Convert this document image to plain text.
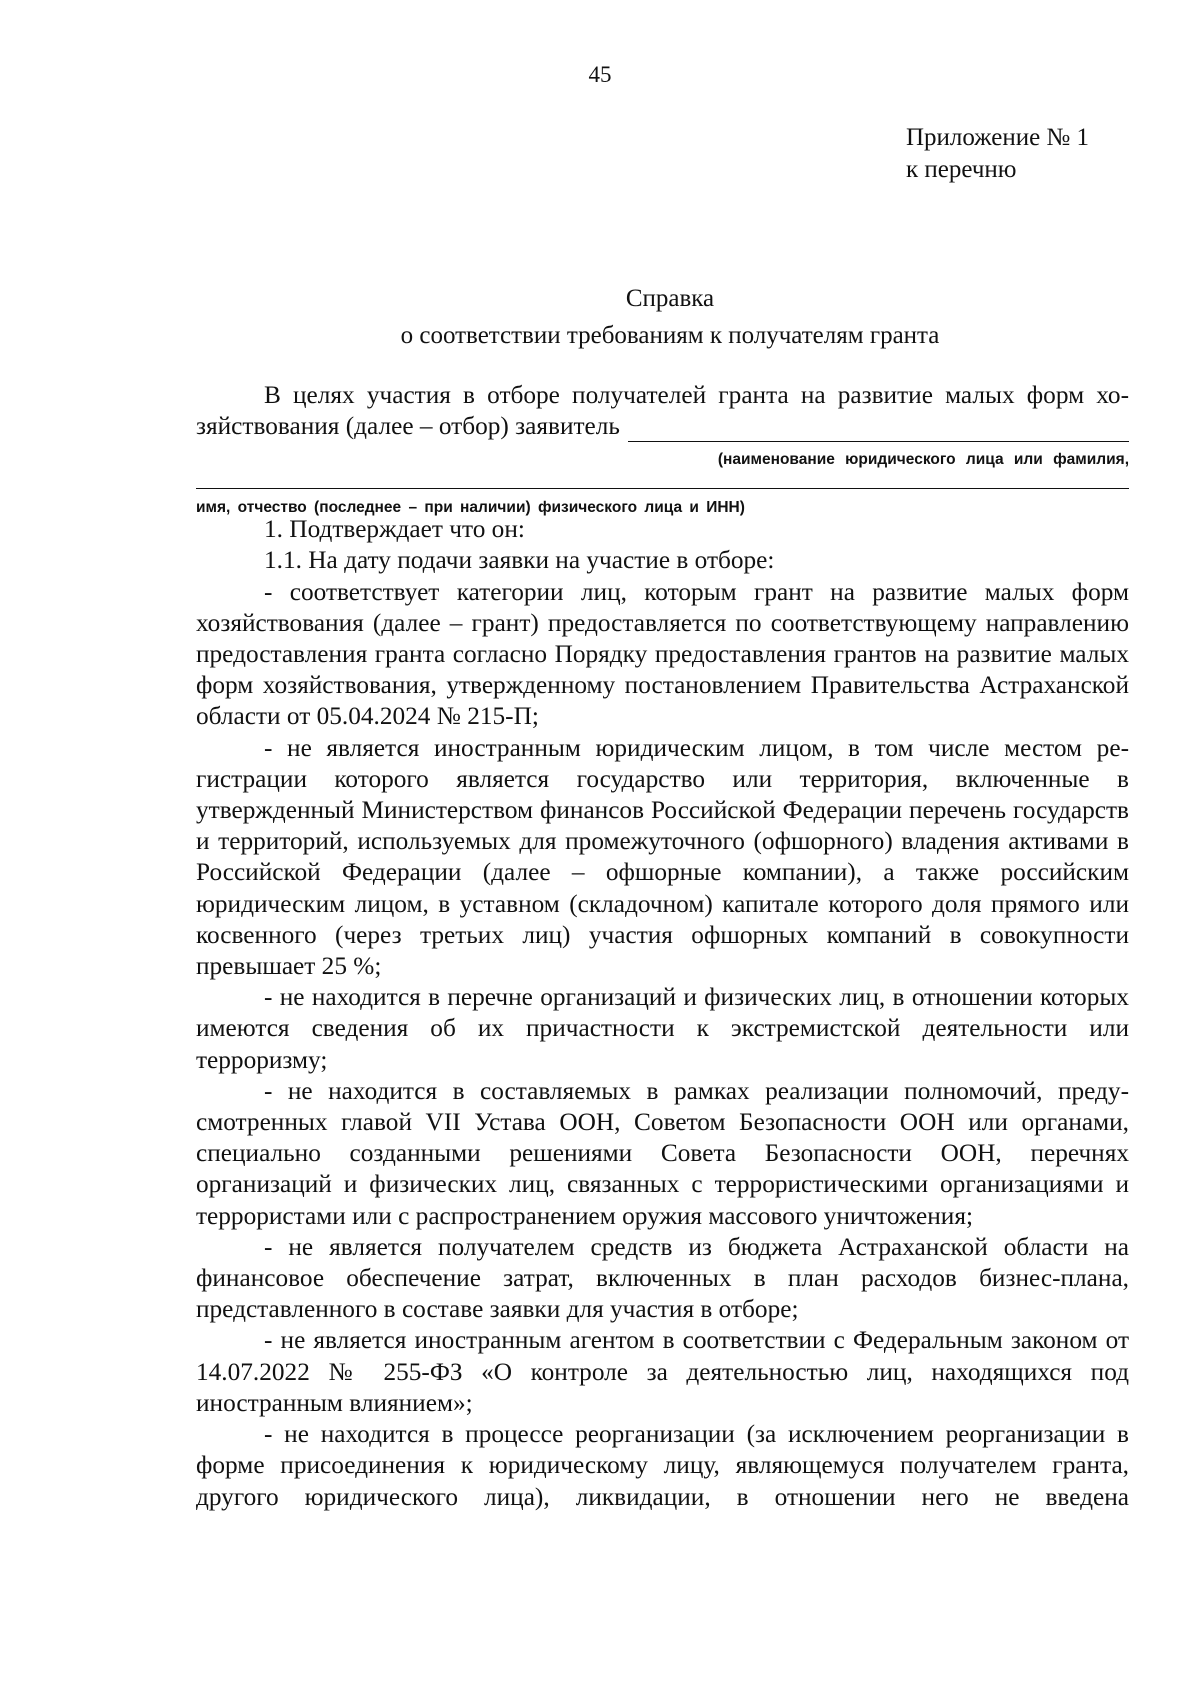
45
Приложение № 1
к перечню
Справка
о соответствии требованиям к получателям гранта

В целях участия в отборе получателей гранта на развитие малых форм хо-

зяйствования (далее – отбор) заявитель
(наименование юридического лица или фамилия,
имя, отчество (последнее – при наличии) физического лица и ИНН)

1. Подтверждает что он:

1.1. На дату подачи заявки на участие в отборе:

- соответствует категории лиц, которым грант на развитие малых форм хозяйствования (далее – грант) предоставляется по соответствующему направлению предоставления гранта согласно Порядку предоставления грантов на развитие малых форм хозяйствования, утвержденному постановлением Правительства Астраханской области от 05.04.2024 № 215-П;

- не является иностранным юридическим лицом, в том числе местом регистрации которого является государство или территория, включенные в утвержденный Министерством финансов Российской Федерации перечень государств и территорий, используемых для промежуточного (офшорного) владения активами в Российской Федерации (далее – офшорные компании), а также российским юридическим лицом, в уставном (складочном) капитале которого доля прямого или косвенного (через третьих лиц) участия офшорных компаний в совокупности превышает 25 %;

- не находится в перечне организаций и физических лиц, в отношении которых имеются сведения об их причастности к экстремистской деятельности или терроризму;

- не находится в составляемых в рамках реализации полномочий, предусмотренных главой VII Устава ООН, Советом Безопасности ООН или органами, специально созданными решениями Совета Безопасности ООН, перечнях организаций и физических лиц, связанных с террористическими организациями и террористами или с распространением оружия массового уничтожения;

- не является получателем средств из бюджета Астраханской области на финансовое обеспечение затрат, включенных в план расходов бизнес-плана, представленного в составе заявки для участия в отборе;

- не является иностранным агентом в соответствии с Федеральным законом от 14.07.2022 № 255-ФЗ «О контроле за деятельностью лиц, находящихся под иностранным влиянием»;

- не находится в процессе реорганизации (за исключением реорганизации в форме присоединения к юридическому лицу, являющемуся получателем гранта, другого юридического лица), ликвидации, в отношении него не введена
